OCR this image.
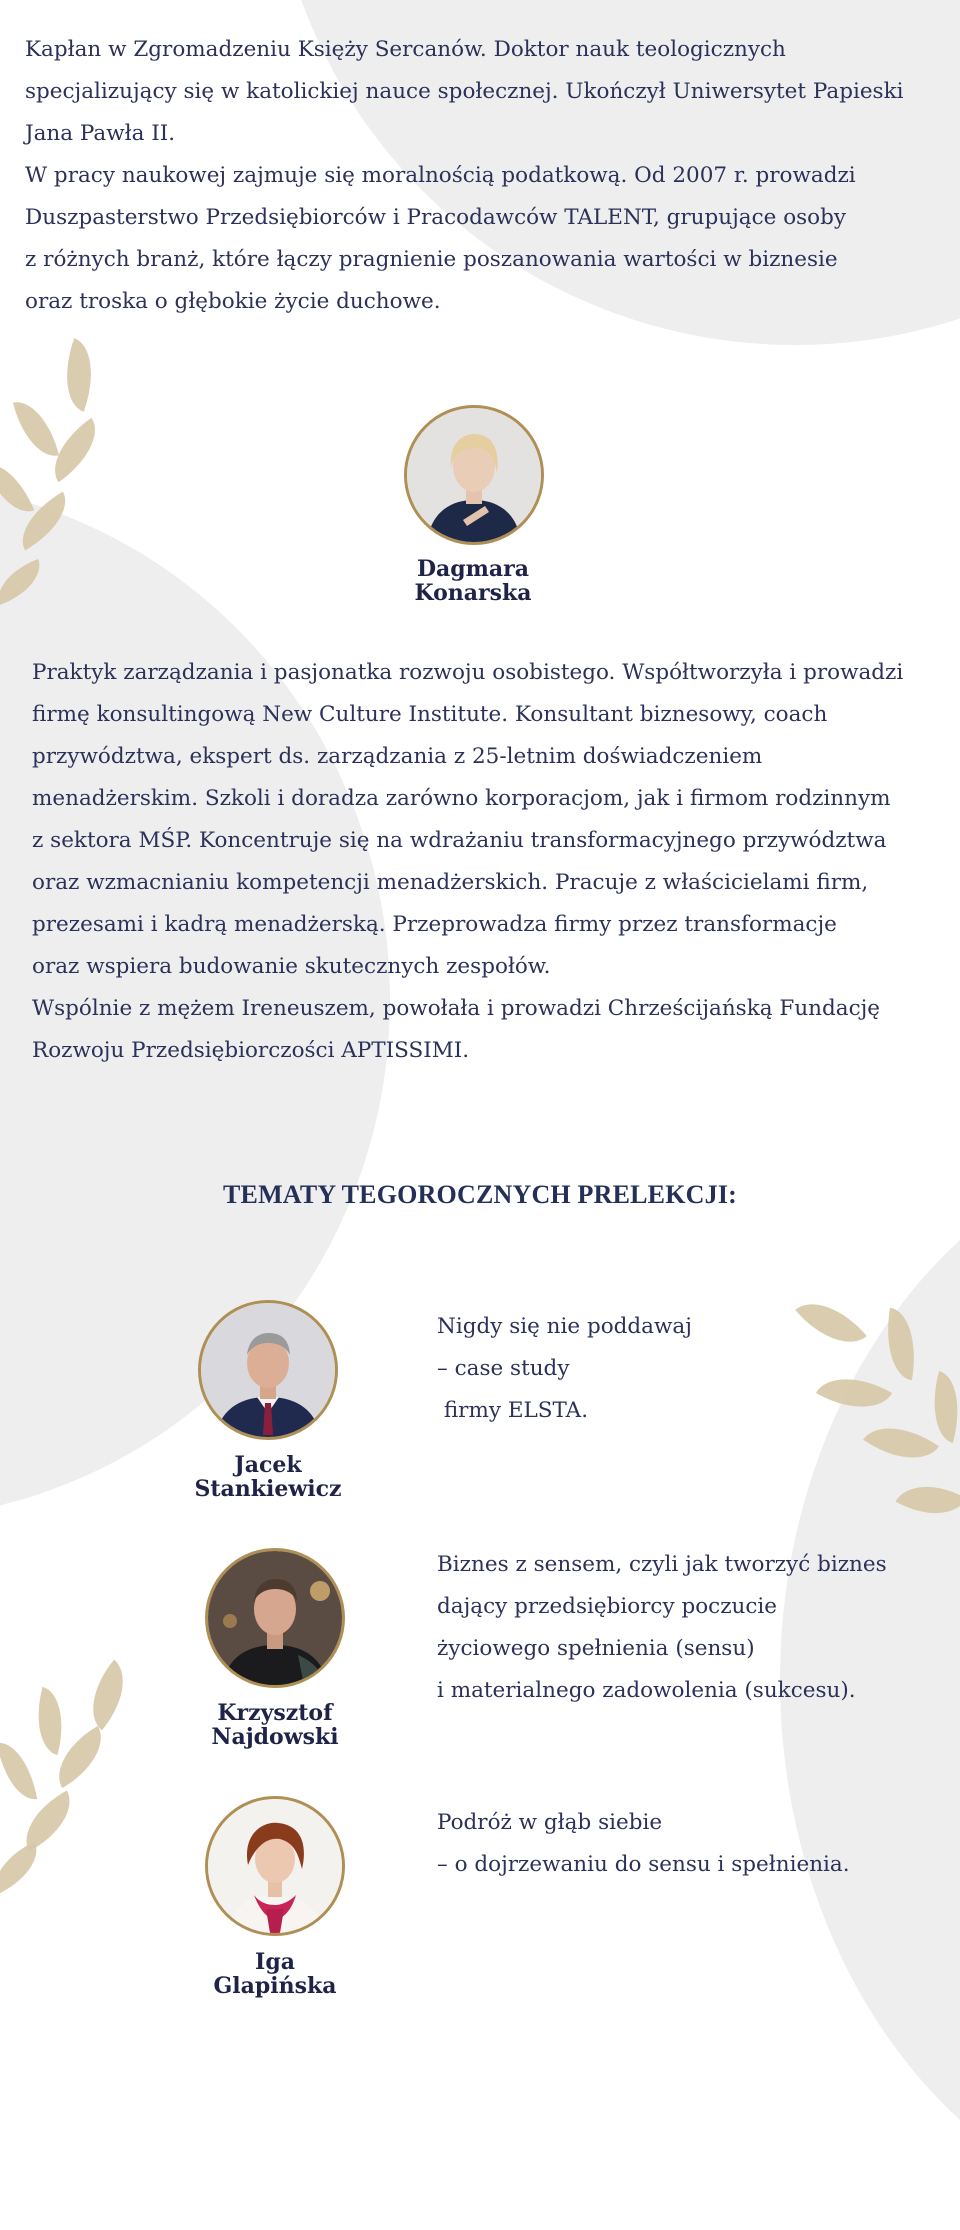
Kapłan w Zgromadzeniu Księży Sercanów. Doktor nauk teologicznych
specjalizujący się w katolickiej nauce społecznej. Ukończył Uniwersytet Papieski
Jana Pawła II.

W pracy naukowej zajmuje się moralnością podatkową. Od 2007 r. prowadzi
Duszpasterstwo Przedsiębiorców i Pracodawców TALENT, grupujące osoby
z różnych branż, które łączy pragnienie poszanowania wartości w biznesie
oraz troska o głębokie życie duchowe.

Dagmara
Konarska

Praktyk zarządzania i pasjonatka rozwoju osobistego. Współtworzyła i prowadzi
firmę konsultingową New Culture Institute. Konsultant biznesowy, coach
przywództwa, ekspert ds. zarządzania z 25-letnim doświadczeniem
menadżerskim. Szkoli i doradza zarówno korporacjom, jak i firmom rodzinnym
z sektora MŚP. Koncentruje się na wdrażaniu transformacyjnego przywództwa
oraz wzmacnianiu kompetencji menadżerskich. Pracuje z właścicielami firm,
prezesami i kadrą menadżerską. Przeprowadza firmy przez transformacje
oraz wspiera budowanie skutecznych zespołów.

Wspólnie z mężem Ireneuszem, powołała i prowadzi Chrześcijańską Fundację
Rozwoju Przedsiębiorczości APTISSIMI.

TEMATY TEGOROCZNYCH PRELEKCJI:
Jacek
Stankiewicz
Nigdy się nie poddawaj
– case study
firmy ELSTA.
Krzysztof
Najdowski
Biznes z sensem, czyli jak tworzyć biznes
dający przedsiębiorcy poczucie
życiowego spełnienia (sensu)
i materialnego zadowolenia (sukcesu).
Iga
Glapińska
Podróż w głąb siebie
– o dojrzewaniu do sensu i spełnienia.
